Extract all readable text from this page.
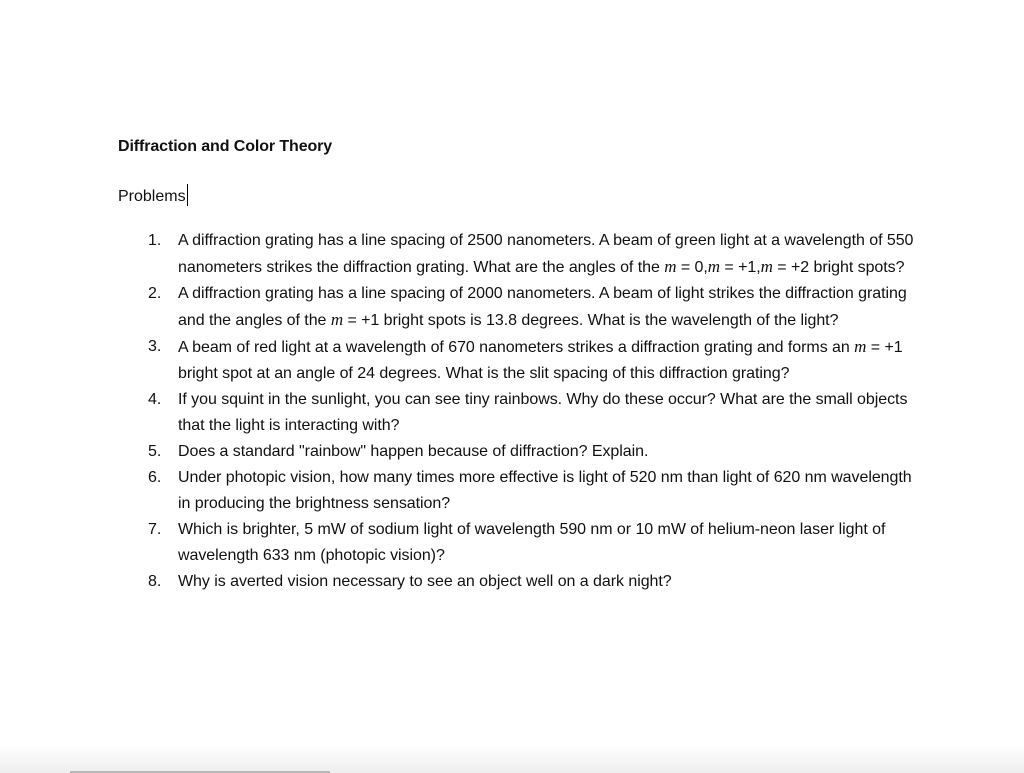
Diffraction and Color Theory
Problems
1.	A diffraction grating has a line spacing of 2500 nanometers. A beam of green light at a wavelength of 550 nanometers strikes the diffraction grating. What are the angles of the m = 0,m = +1,m = +2 bright spots?
2.	A diffraction grating has a line spacing of 2000 nanometers. A beam of light strikes the diffraction grating and the angles of the m = +1 bright spots is 13.8 degrees. What is the wavelength of the light?
3.	A beam of red light at a wavelength of 670 nanometers strikes a diffraction grating and forms an m = +1 bright spot at an angle of 24 degrees. What is the slit spacing of this diffraction grating?
4.	If you squint in the sunlight, you can see tiny rainbows. Why do these occur? What are the small objects that the light is interacting with?
5.	Does a standard "rainbow" happen because of diffraction? Explain.
6.	Under photopic vision, how many times more effective is light of 520 nm than light of 620 nm wavelength in producing the brightness sensation?
7.	Which is brighter, 5 mW of sodium light of wavelength 590 nm or 10 mW of helium-neon laser light of wavelength 633 nm (photopic vision)?
8.	Why is averted vision necessary to see an object well on a dark night?
